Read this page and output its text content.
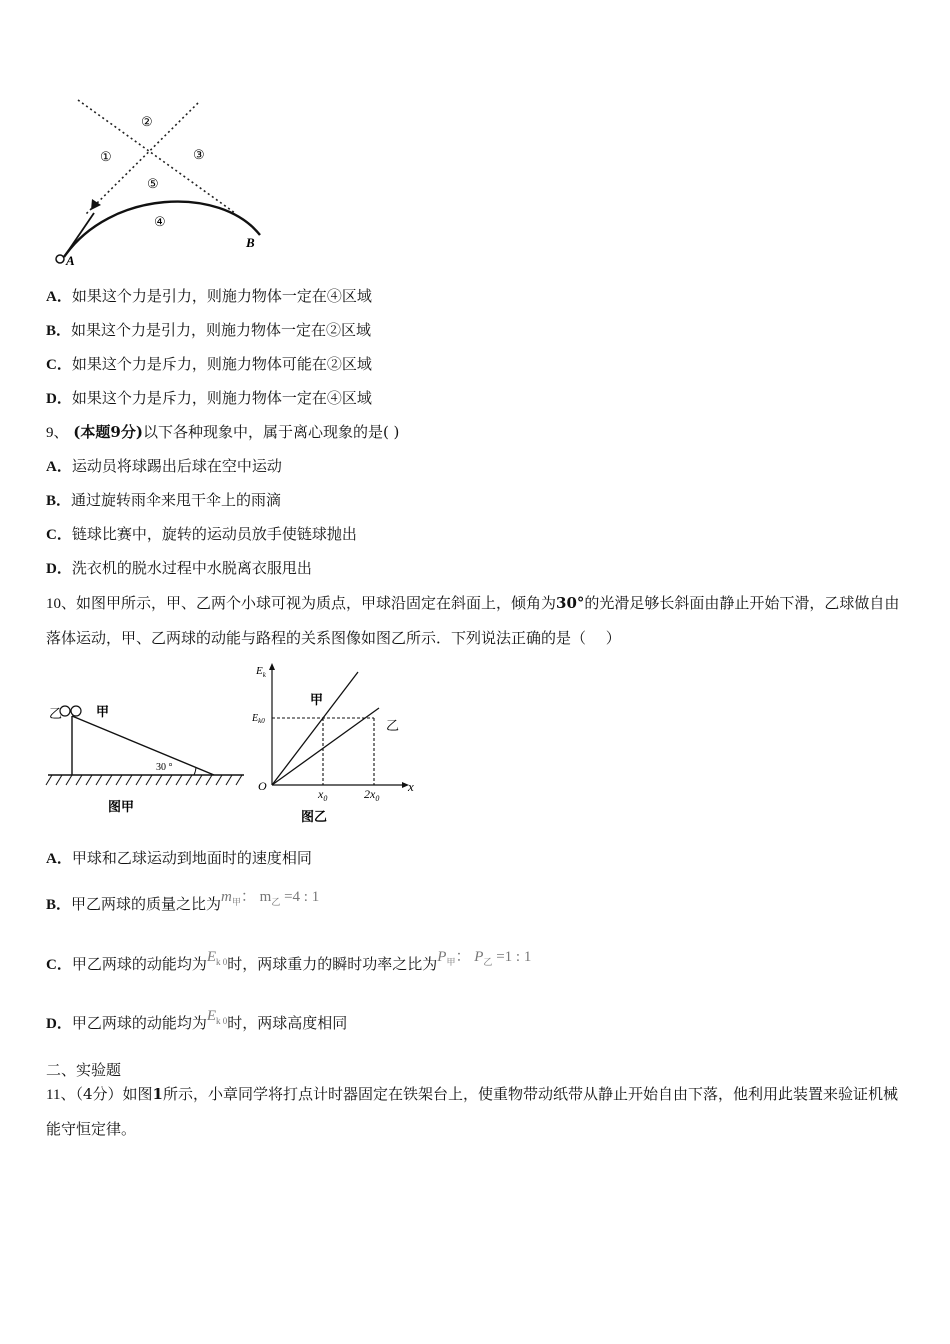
A
B
①
②
③
⑤
④
A．如果这个力是引力，则施力物体一定在④区域
B．如果这个力是引力，则施力物体一定在②区域
C．如果这个力是斥力，则施力物体可能在②区域
D．如果这个力是斥力，则施力物体一定在④区域
9、 (本题9分)以下各种现象中，属于离心现象的是( )
A．运动员将球踢出后球在空中运动
B．通过旋转雨伞来甩干伞上的雨滴
C．链球比赛中，旋转的运动员放手使链球抛出
D．洗衣机的脱水过程中水脱离衣服甩出
10、如图甲所示，甲、乙两个小球可视为质点，甲球沿固定在斜面上，倾角为30°的光滑足够长斜面由静止开始下滑，乙球做自由落体运动，甲、乙两球的动能与路程的关系图像如图乙所示．下列说法正确的是（　 ）
乙	甲
30 °
图甲
$E_k$
$E_{k0}$
O	x
$x_0$	$2x_0$
甲
乙
图乙
A．甲球和乙球运动到地面时的速度相同
B．甲乙两球的质量之比为$m_甲$： $m_乙 =4$ : 1
C．甲乙两球的动能均为$E_{k 0}$时，两球重力的瞬时功率之比为$P_甲$： $P_乙 =1$ : 1
D．甲乙两球的动能均为$E_{k 0}$时，两球高度相同
二、实验题
11、（4分）如图1所示，小章同学将打点计时器固定在铁架台上，使重物带动纸带从静止开始自由下落，他利用此装置来验证机械能守恒定律。
